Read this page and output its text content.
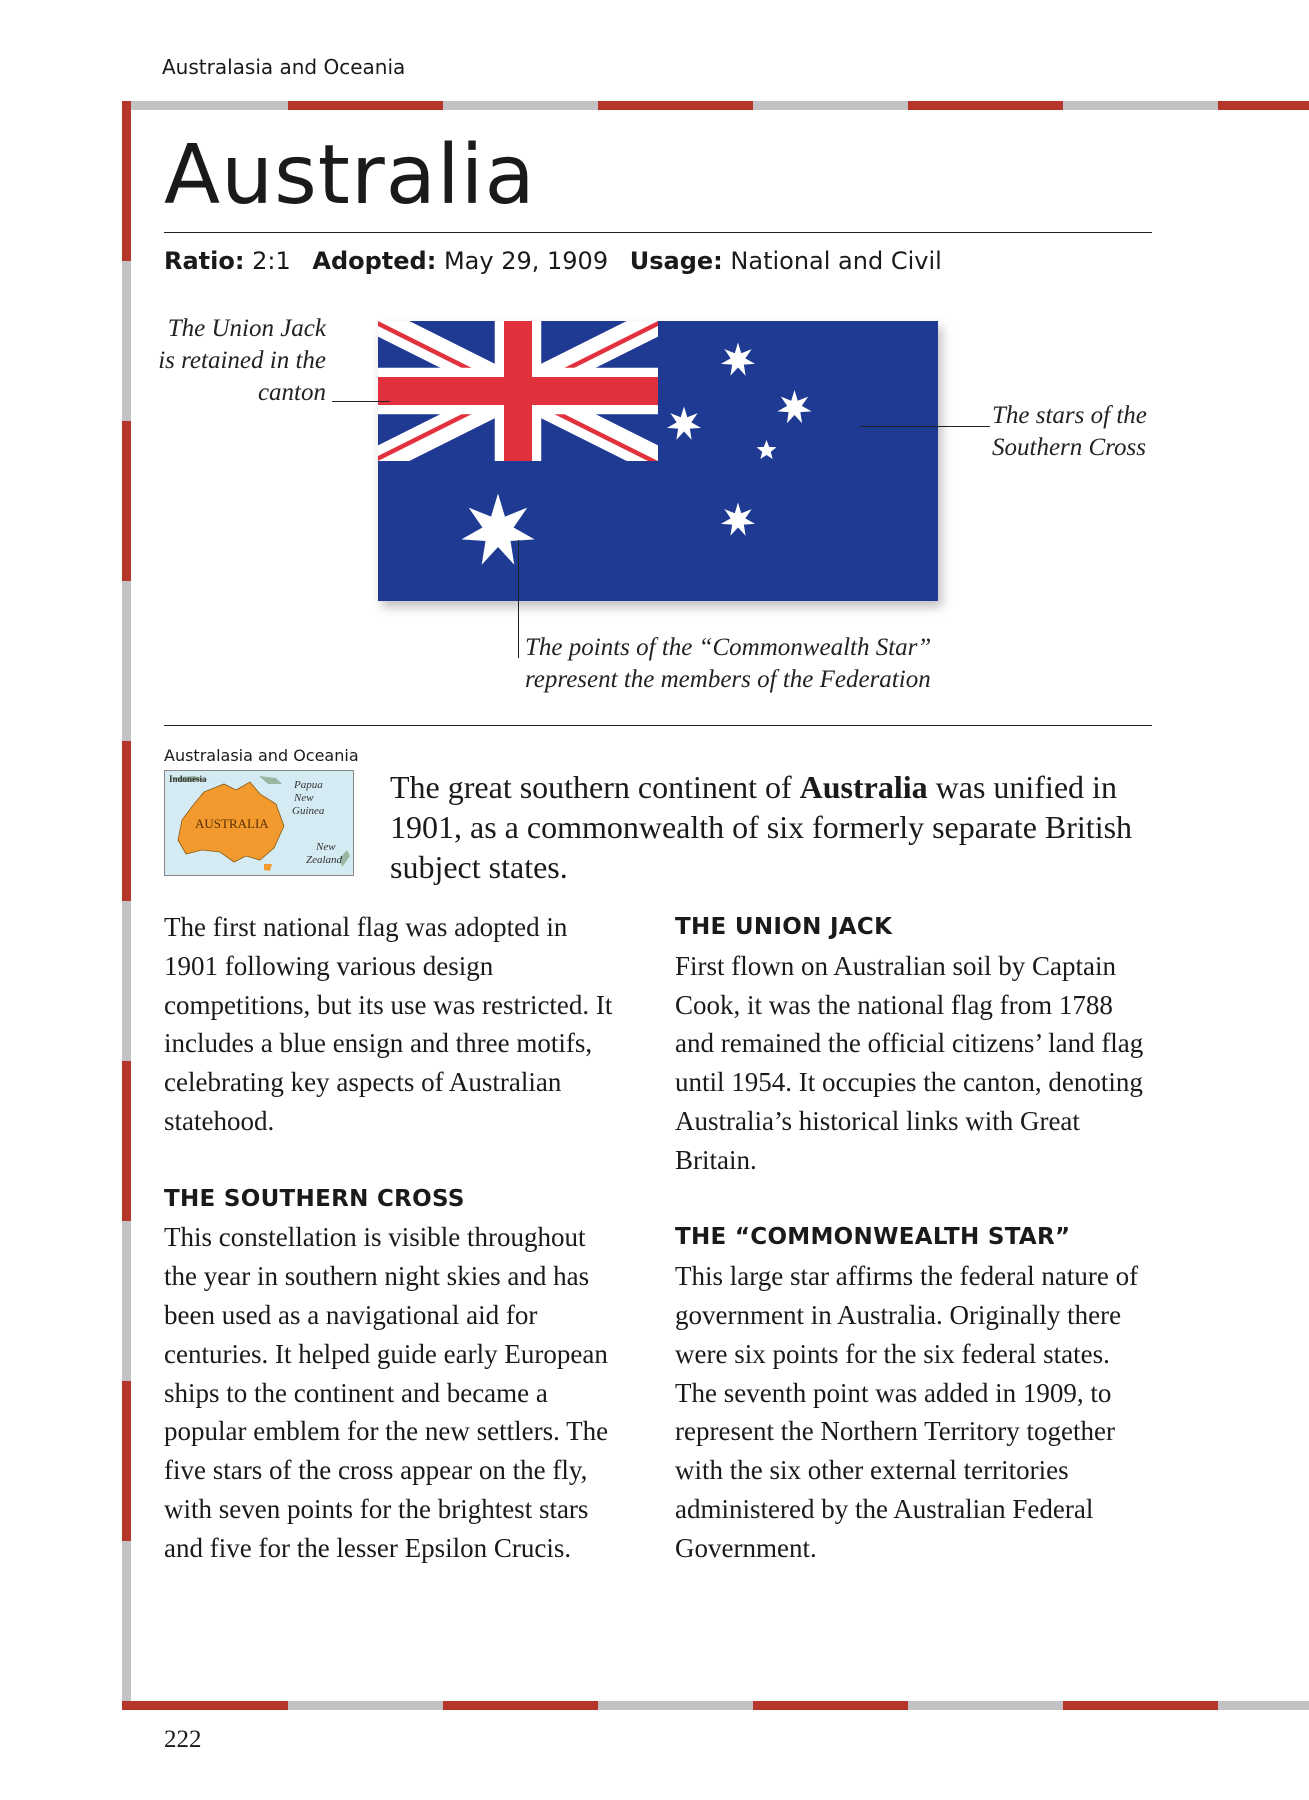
Australasia and Oceania
Australia
Ratio: 2:1 Adopted: May 29, 1909 Usage: National and Civil
The Union Jack is retained in the canton
The stars of the Southern Cross
The points of the “Commonwealth Star” represent the members of the Federation
Australasia and Oceania
Indonesia
AUSTRALIA
Papua New Guinea
New Zealand
The great southern continent of Australia was unified in 1901, as a commonwealth of six formerly separate British subject states.

The first national flag was adopted in 1901 following various design competitions, but its use was restricted. It includes a blue ensign and three motifs, celebrating key aspects of Australian statehood.

THE SOUTHERN CROSS

This constellation is visible throughout the year in southern night skies and has been used as a navigational aid for centuries. It helped guide early European ships to the continent and became a popular emblem for the new settlers. The five stars of the cross appear on the fly, with seven points for the brightest stars and five for the lesser Epsilon Crucis.

THE UNION JACK

First flown on Australian soil by Captain Cook, it was the national flag from 1788 and remained the official citizens’ land flag until 1954. It occupies the canton, denoting Australia’s historical links with Great Britain.

THE “COMMONWEALTH STAR”

This large star affirms the federal nature of government in Australia. Originally there were six points for the six federal states. The seventh point was added in 1909, to represent the Northern Territory together with the six other external territories administered by the Australian Federal Government.

222
